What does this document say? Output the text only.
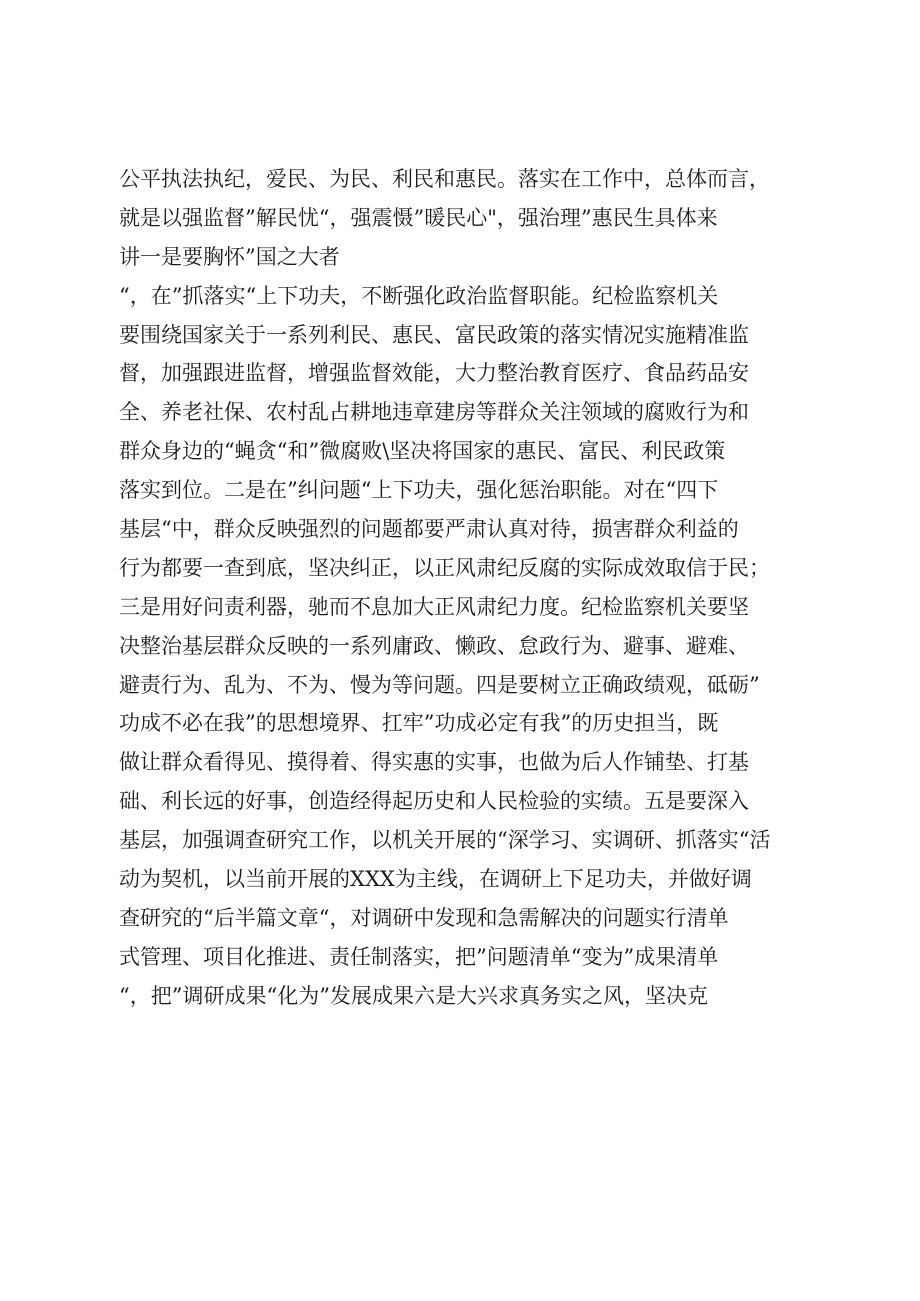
公平执法执纪，爱民、为民、利民和惠民。落实在工作中，总体而言，
就是以强监督”解民忧“，强震慑”暖民心"，强治理”惠民生具体来
讲一是要胸怀”国之大者
“，在”抓落实“上下功夫，不断强化政治监督职能。纪检监察机关
要围绕国家关于一系列利民、惠民、富民政策的落实情况实施精准监
督，加强跟进监督，增强监督效能，大力整治教育医疗、食品药品安
全、养老社保、农村乱占耕地违章建房等群众关注领域的腐败行为和
群众身边的“蝇贪“和”微腐败\坚决将国家的惠民、富民、利民政策
落实到位。二是在”纠问题“上下功夫，强化惩治职能。对在“四下
基层“中，群众反映强烈的问题都要严肃认真对待，损害群众利益的
行为都要一查到底，坚决纠正，以正风肃纪反腐的实际成效取信于民；
三是用好问责利器，驰而不息加大正风肃纪力度。纪检监察机关要坚
决整治基层群众反映的一系列庸政、懒政、怠政行为、避事、避难、
避责行为、乱为、不为、慢为等问题。四是要树立正确政绩观，砥砺”
功成不必在我”的思想境界、扛牢”功成必定有我”的历史担当，既
做让群众看得见、摸得着、得实惠的实事，也做为后人作铺垫、打基
础、利长远的好事，创造经得起历史和人民检验的实绩。五是要深入
基层，加强调查研究工作，以机关开展的“深学习、实调研、抓落实“活
动为契机，以当前开展的XXX为主线，在调研上下足功夫，并做好调
查研究的“后半篇文章“，对调研中发现和急需解决的问题实行清单
式管理、项目化推进、责任制落实，把”问题清单“变为”成果清单
“，把”调研成果“化为”发展成果六是大兴求真务实之风，坚决克
